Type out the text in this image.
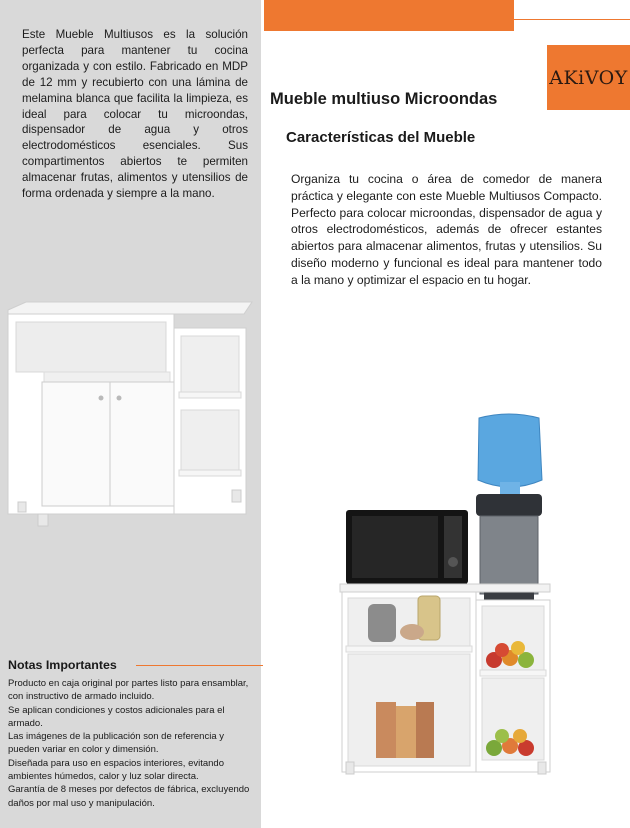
Este Mueble Multiusos es la solución perfecta para mantener tu cocina organizada y con estilo. Fabricado en MDP de 12 mm y recubierto con una lámina de melamina blanca que facilita la limpieza, es ideal para colocar tu microondas, dispensador de agua y otros electrodomésticos esenciales. Sus compartimentos abiertos te permiten almacenar frutas, alimentos y utensilios de forma ordenada y siempre a la mano.

AKiVOY
Mueble multiuso Microondas
Características del Mueble

Organiza tu cocina o área de comedor de manera práctica y elegante con este Mueble Multiusos Compacto. Perfecto para colocar microondas, dispensador de agua y otros electrodomésticos, además de ofrecer estantes abiertos para almacenar alimentos, frutas y utensilios. Su diseño moderno y funcional es ideal para mantener todo a la mano y optimizar el espacio en tu hogar.

Notas Importantes

Producto en caja original por partes listo para ensamblar, con instructivo de armado incluido.

Se aplican condiciones y costos adicionales para el armado.

Las imágenes de la publicación son de referencia y pueden variar en color y dimensión.

Diseñada para uso en espacios interiores, evitando ambientes húmedos, calor y luz solar directa.

Garantía de 8 meses por defectos de fábrica, excluyendo daños por mal uso y manipulación.
